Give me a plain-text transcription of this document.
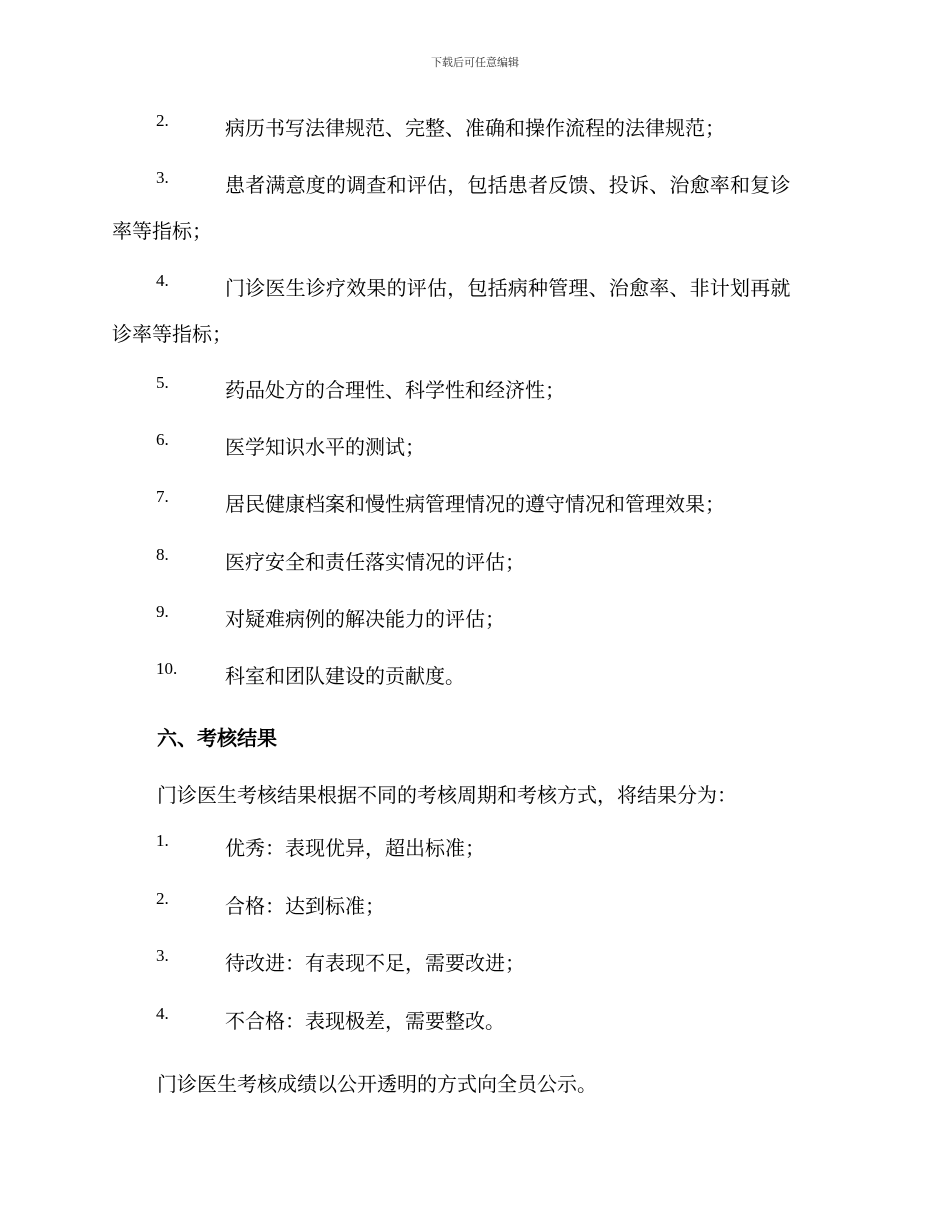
下载后可任意编辑
2.	病历书写法律规范、完整、准确和操作流程的法律规范；
3.	患者满意度的调查和评估，包括患者反馈、投诉、治愈率和复诊
率等指标；
4.	门诊医生诊疗效果的评估，包括病种管理、治愈率、非计划再就
诊率等指标；
5.	药品处方的合理性、科学性和经济性；
6.	医学知识水平的测试；
7.	居民健康档案和慢性病管理情况的遵守情况和管理效果；
8.	医疗安全和责任落实情况的评估；
9.	对疑难病例的解决能力的评估；
10. 科室和团队建设的贡献度。
六、考核结果
门诊医生考核结果根据不同的考核周期和考核方式，将结果分为：
1.	优秀：表现优异，超出标准；
2.	合格：达到标准；
3.	待改进：有表现不足，需要改进；
4.	不合格：表现极差，需要整改。
门诊医生考核成绩以公开透明的方式向全员公示。
